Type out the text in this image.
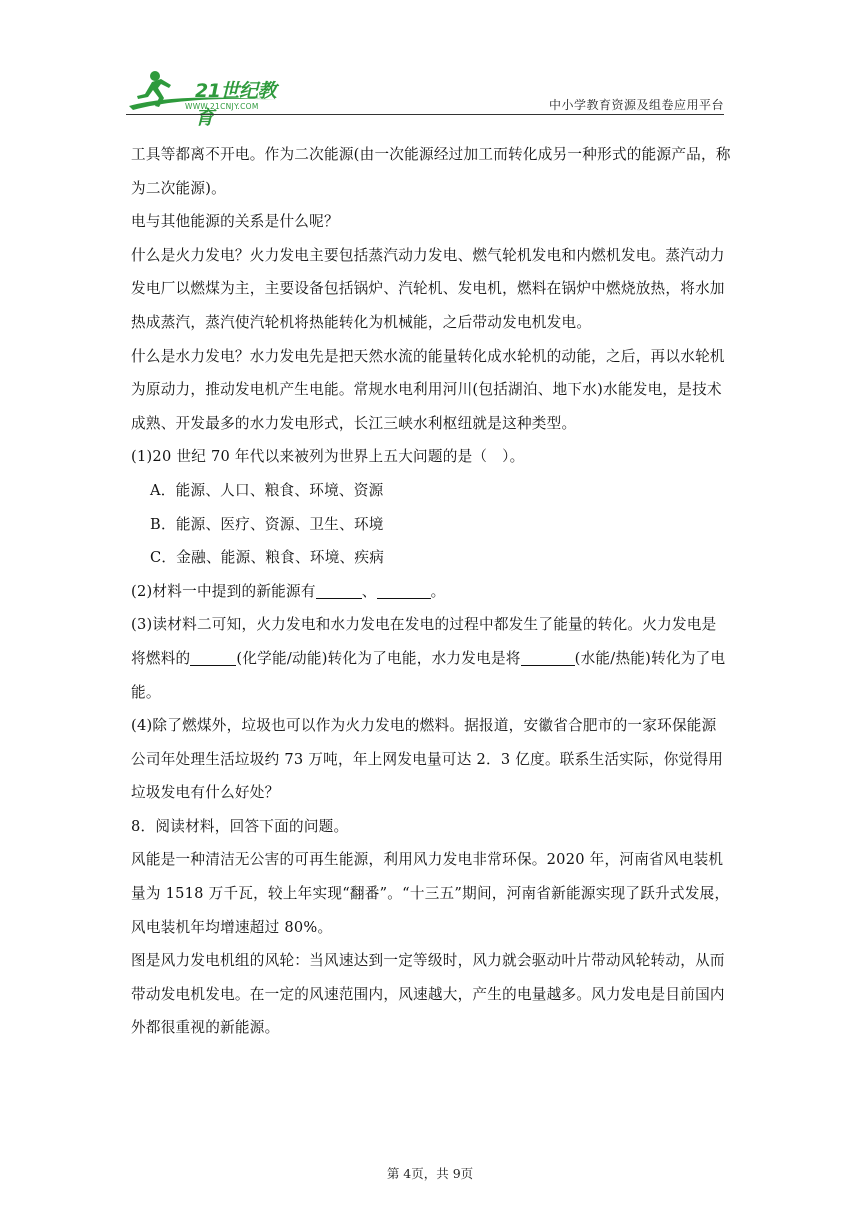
21世纪教育
WWW.21CNJY.COM	中小学教育资源及组卷应用平台

工具等都离不开电。作为二次能源(由一次能源经过加工而转化成另一种形式的能源产品，称为二次能源)。

电与其他能源的关系是什么呢？

什么是火力发电？火力发电主要包括蒸汽动力发电、燃气轮机发电和内燃机发电。蒸汽动力发电厂以燃煤为主，主要设备包括锅炉、汽轮机、发电机，燃料在锅炉中燃烧放热，将水加热成蒸汽，蒸汽使汽轮机将热能转化为机械能，之后带动发电机发电。

什么是水力发电？水力发电先是把天然水流的能量转化成水轮机的动能，之后，再以水轮机为原动力，推动发电机产生电能。常规水电利用河川(包括湖泊、地下水)水能发电，是技术成熟、开发最多的水力发电形式，长江三峡水利枢纽就是这种类型。

(1)20 世纪 70 年代以来被列为世界上五大问题的是（　）。

A．能源、人口、粮食、环境、资源

B．能源、医疗、资源、卫生、环境

C．金融、能源、粮食、环境、疾病

(2)材料一中提到的新能源有	、	。

(3)读材料二可知，火力发电和水力发电在发电的过程中都发生了能量的转化。火力发电是将燃料的	(化学能/动能)转化为了电能，水力发电是将	(水能/热能)转化为了电能。

(4)除了燃煤外，垃圾也可以作为火力发电的燃料。据报道，安徽省合肥市的一家环保能源公司年处理生活垃圾约 73 万吨，年上网发电量可达 2．3 亿度。联系生活实际，你觉得用垃圾发电有什么好处？

8．阅读材料，回答下面的问题。

风能是一种清洁无公害的可再生能源，利用风力发电非常环保。2020 年，河南省风电装机量为 1518 万千瓦，较上年实现“翻番”。“十三五”期间，河南省新能源实现了跃升式发展，风电装机年均增速超过 80%。

图是风力发电机组的风轮：当风速达到一定等级时，风力就会驱动叶片带动风轮转动，从而带动发电机发电。在一定的风速范围内，风速越大，产生的电量越多。风力发电是目前国内外都很重视的新能源。

第 4页，共 9页
